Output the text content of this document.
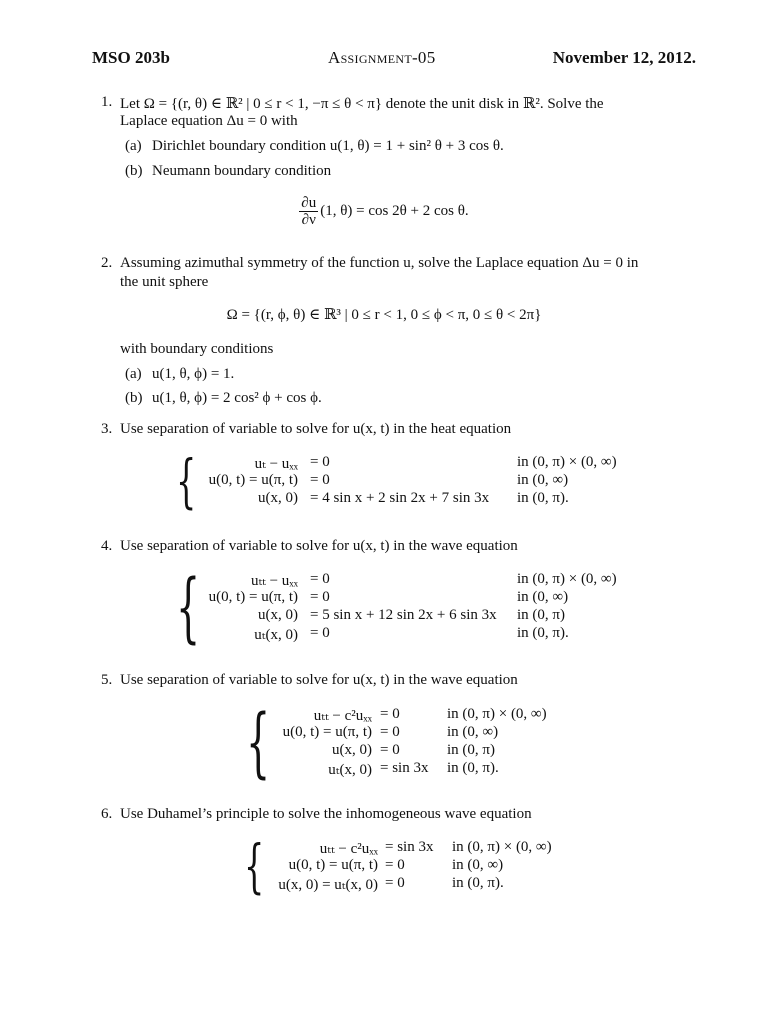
MSO 203b	Assignment-05	November 12, 2012.
1. Let Ω = {(r, θ) ∈ ℝ² | 0 ≤ r < 1, −π ≤ θ < π} denote the unit disk in ℝ². Solve the
Laplace equation Δu = 0 with
(a) Dirichlet boundary condition u(1, θ) = 1 + sin² θ + 3 cos θ.
(b) Neumann boundary condition
$\frac{\partial u}{\partial\nu} (1$, θ) = cos 2θ + 2 cos θ.
2. Assuming azimuthal symmetry of the function u, solve the Laplace equation Δu = 0 in
the unit sphere
Ω = {(r, ϕ, θ) ∈ ℝ³ | 0 ≤ r < 1, 0 ≤ ϕ < π, 0 ≤ θ < 2π}
with boundary conditions
(a) u(1, θ, ϕ) = 1.
(b) u(1, θ, ϕ) = 2 cos² ϕ + cos ϕ.
3. Use separation of variable to solve for u(x, t) in the heat equation
{	uₜ − uₓₓ = 0	in (0, π) × (0, ∞)
u(0, t) = u(π, t) = 0	in (0, ∞)
u(x, 0) = 4 sin x + 2 sin 2x + 7 sin 3x in (0, π).
4. Use separation of variable to solve for u(x, t) in the wave equation
{	uₜₜ − uₓₓ = 0	in (0, π) × (0, ∞)
u(0, t) = u(π, t) = 0	in (0, ∞)
u(x, 0) = 5 sin x + 12 sin 2x + 6 sin 3x in (0, π)
uₜ(x, 0) = 0	in (0, π).
5. Use separation of variable to solve for u(x, t) in the wave equation
{	uₜₜ − c²uₓₓ = 0	in (0, π) × (0, ∞)
u(0, t) = u(π, t) = 0	in (0, ∞)
u(x, 0) = 0	in (0, π)
uₜ(x, 0) = sin 3x in (0, π).
6. Use Duhamel’s principle to solve the inhomogeneous wave equation
{	uₜₜ − c²uₓₓ = sin 3x in (0, π) × (0, ∞)
u(0, t) = u(π, t) = 0	in (0, ∞)
u(x, 0) = uₜ(x, 0) = 0	in (0, π).
